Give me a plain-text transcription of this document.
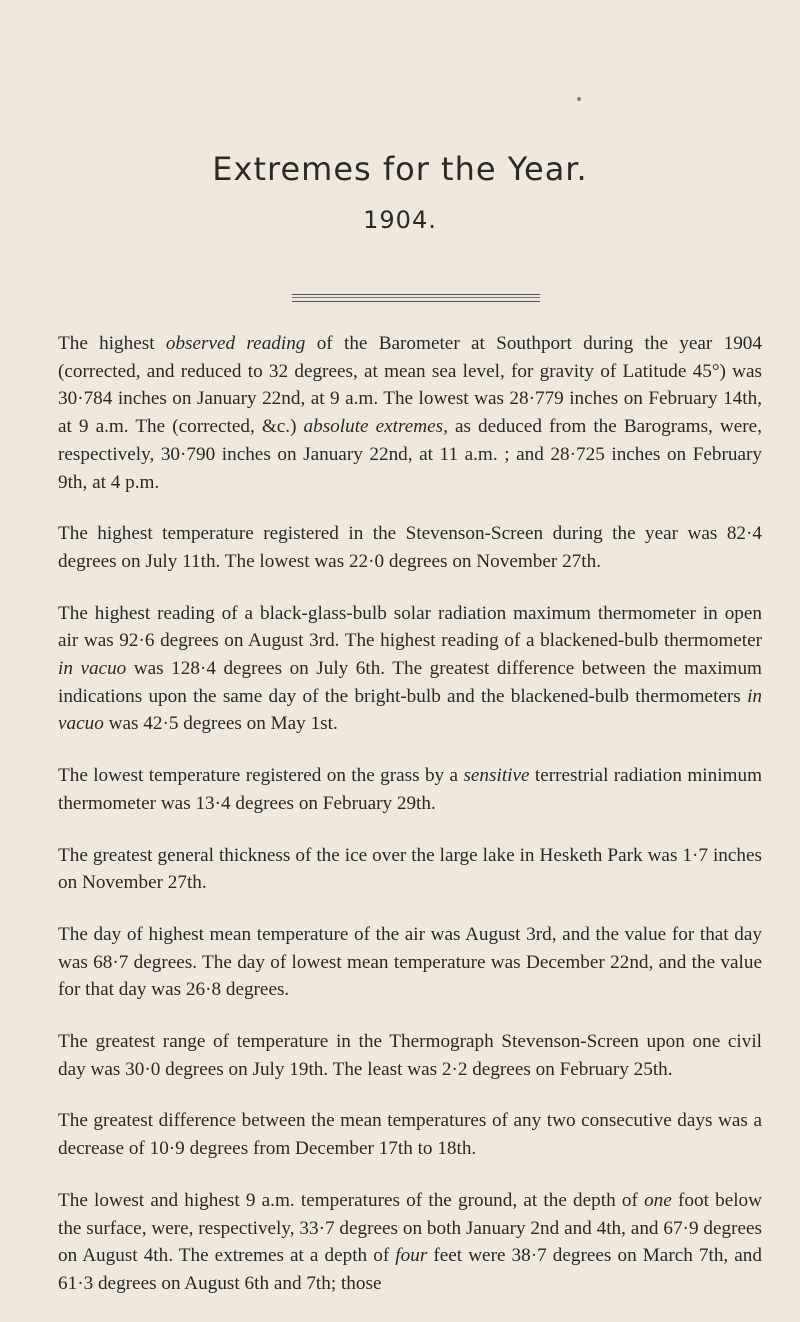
Extremes for the Year.
1904.

The highest observed reading of the Barometer at Southport during the year 1904 (corrected, and reduced to 32 degrees, at mean sea level, for gravity of Latitude 45°) was 30·784 inches on January 22nd, at 9 a.m. The lowest was 28·779 inches on February 14th, at 9 a.m. The (corrected, &c.) absolute extremes, as deduced from the Barograms, were, respectively, 30·790 inches on January 22nd, at 11 a.m. ; and 28·725 inches on February 9th, at 4 p.m.

The highest temperature registered in the Stevenson-Screen during the year was 82·4 degrees on July 11th. The lowest was 22·0 degrees on November 27th.

The highest reading of a black-glass-bulb solar radiation maximum thermometer in open air was 92·6 degrees on August 3rd. The highest reading of a blackened-bulb thermometer in vacuo was 128·4 degrees on July 6th. The greatest difference between the maximum indications upon the same day of the bright-bulb and the blackened-bulb thermometers in vacuo was 42·5 degrees on May 1st.

The lowest temperature registered on the grass by a sensitive terrestrial radiation minimum thermometer was 13·4 degrees on February 29th.

The greatest general thickness of the ice over the large lake in Hesketh Park was 1·7 inches on November 27th.

The day of highest mean temperature of the air was August 3rd, and the value for that day was 68·7 degrees. The day of lowest mean temperature was December 22nd, and the value for that day was 26·8 degrees.

The greatest range of temperature in the Thermograph Stevenson-Screen upon one civil day was 30·0 degrees on July 19th. The least was 2·2 degrees on February 25th.

The greatest difference between the mean temperatures of any two consecutive days was a decrease of 10·9 degrees from December 17th to 18th.

The lowest and highest 9 a.m. temperatures of the ground, at the depth of one foot below the surface, were, respectively, 33·7 degrees on both January 2nd and 4th, and 67·9 degrees on August 4th. The extremes at a depth of four feet were 38·7 degrees on March 7th, and 61·3 degrees on August 6th and 7th; those
